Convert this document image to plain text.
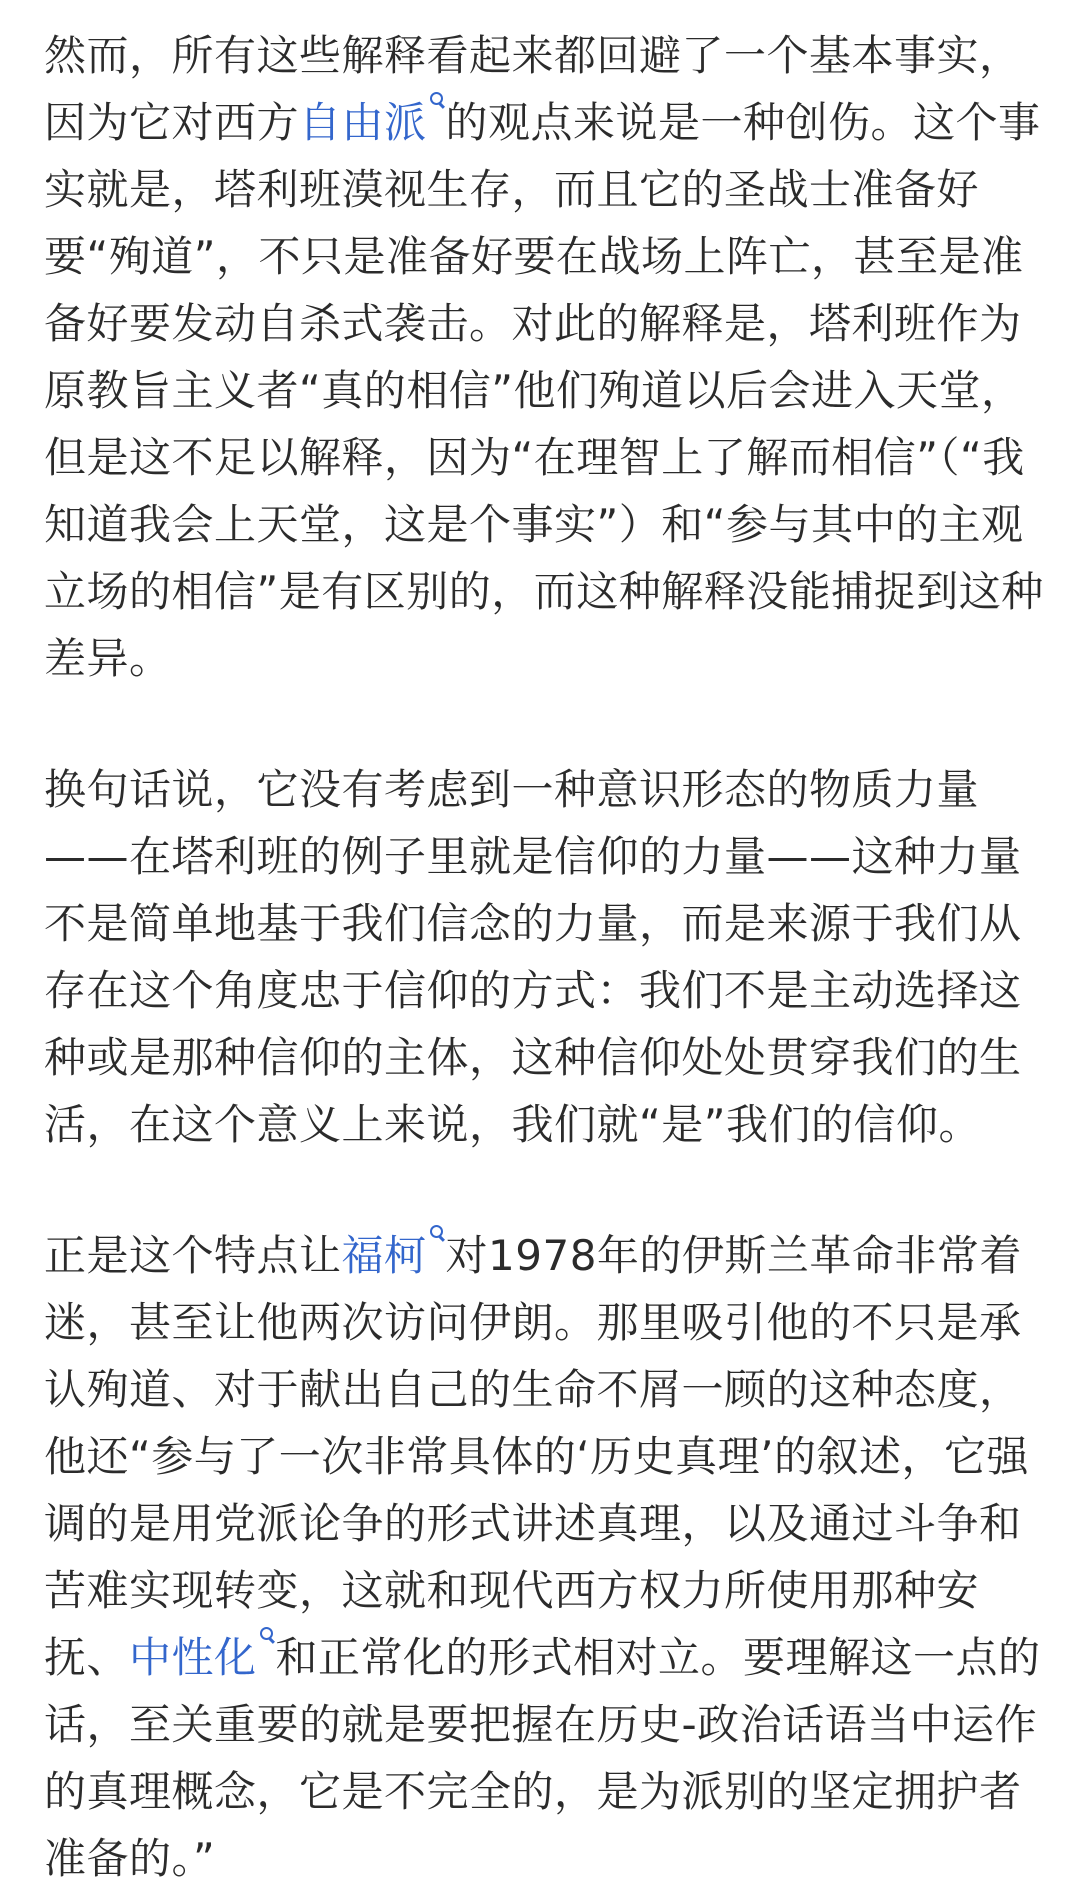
然而，所有这些解释看起来都回避了一个基本事实，因为它对西方自由派 的观点来说是一种创伤。这个事实就是，塔利班漠视生存，而且它的圣战士准备好要“殉道”，不只是准备好要在战场上阵亡，甚至是准备好要发动自杀式袭击。对此的解释是，塔利班作为原教旨主义者“真的相信”他们殉道以后会进入天堂，但是这不足以解释，因为“在理智上了解而相信”（“我知道我会上天堂，这是个事实”）和“参与其中的主观立场的相信”是有区别的，而这种解释没能捕捉到这种差异。

换句话说，它没有考虑到一种意识形态的物质力量——在塔利班的例子里就是信仰的力量——这种力量不是简单地基于我们信念的力量，而是来源于我们从存在这个角度忠于信仰的方式：我们不是主动选择这种或是那种信仰的主体，这种信仰处处贯穿我们的生活，在这个意义上来说，我们就“是”我们的信仰。

正是这个特点让福柯 对1978年的伊斯兰革命非常着迷，甚至让他两次访问伊朗。那里吸引他的不只是承认殉道、对于献出自己的生命不屑一顾的这种态度，他还“参与了一次非常具体的‘历史真理’的叙述，它强调的是用党派论争的形式讲述真理，以及通过斗争和苦难实现转变，这就和现代西方权力所使用那种安抚、中性化 和正常化的形式相对立。要理解这一点的话，至关重要的就是要把握在历史-政治话语当中运作的真理概念，它是不完全的，是为派别的坚定拥护者准备的。”
